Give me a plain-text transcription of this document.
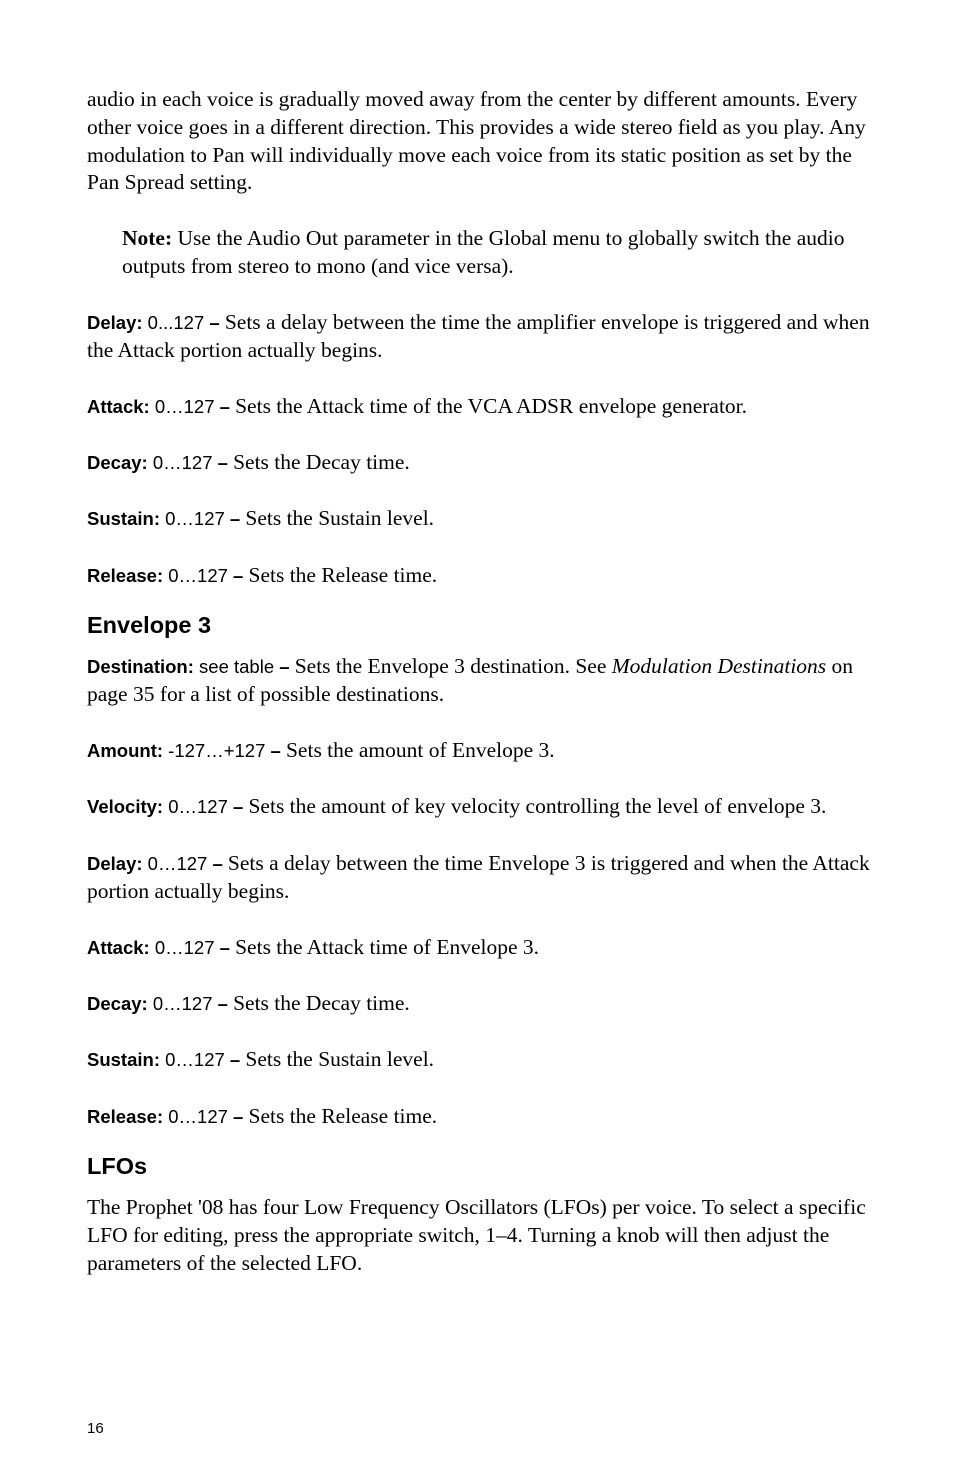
audio in each voice is gradually moved away from the center by different amounts. Every other voice goes in a different direction. This provides a wide stereo field as you play. Any modulation to Pan will individually move each voice from its static position as set by the Pan Spread setting.

Note: Use the Audio Out parameter in the Global menu to globally switch the audio outputs from stereo to mono (and vice versa).

Delay: 0...127 – Sets a delay between the time the amplifier envelope is triggered and when the Attack portion actually begins.

Attack: 0…127 – Sets the Attack time of the VCA ADSR envelope generator.

Decay: 0…127 – Sets the Decay time.

Sustain: 0…127 – Sets the Sustain level.

Release: 0…127 – Sets the Release time.

Envelope 3

Destination: see table – Sets the Envelope 3 destination. See Modulation Destinations on page 35 for a list of possible destinations.

Amount: -127…+127 – Sets the amount of Envelope 3.

Velocity: 0…127 – Sets the amount of key velocity controlling the level of envelope 3.

Delay: 0…127 – Sets a delay between the time Envelope 3 is triggered and when the Attack portion actually begins.

Attack: 0…127 – Sets the Attack time of Envelope 3.

Decay: 0…127 – Sets the Decay time.

Sustain: 0…127 – Sets the Sustain level.

Release: 0…127 – Sets the Release time.

LFOs

The Prophet '08 has four Low Frequency Oscillators (LFOs) per voice. To select a specific LFO for editing, press the appropriate switch, 1–4. Turning a knob will then adjust the parameters of the selected LFO.

16
